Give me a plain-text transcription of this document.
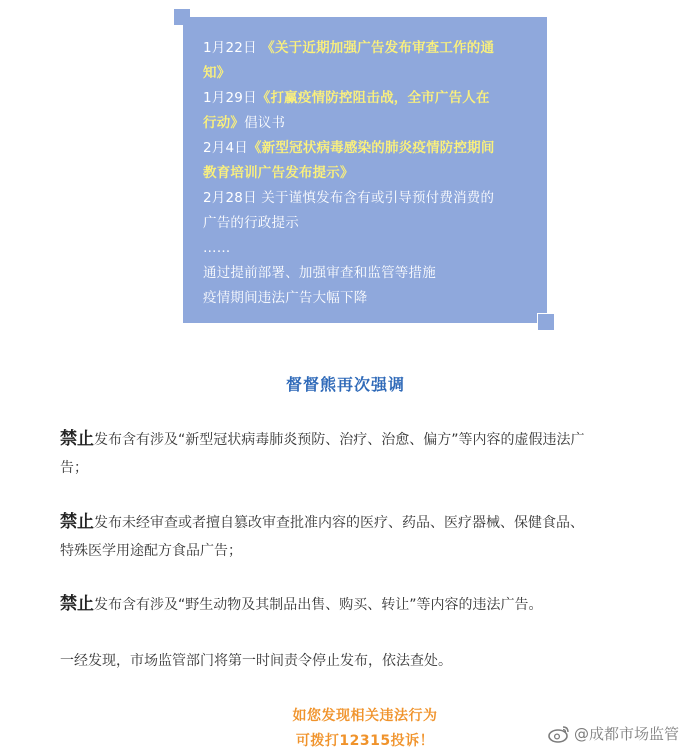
1月22日 《关于近期加强广告发布审查工作的通
知》
1月29日《打赢疫情防控阻击战，全市广告人在
行动》倡议书
2月4日《新型冠状病毒感染的肺炎疫情防控期间
教育培训广告发布提示》
2月28日 关于谨慎发布含有或引导预付费消费的
广告的行政提示
……
通过提前部署、加强审查和监管等措施
疫情期间违法广告大幅下降
督督熊再次强调
禁止发布含有涉及“新型冠状病毒肺炎预防、治疗、治愈、偏方”等内容的虚假违法广
告；
禁止发布未经审查或者擅自篡改审查批准内容的医疗、药品、医疗器械、保健食品、
特殊医学用途配方食品广告；
禁止发布含有涉及“野生动物及其制品出售、购买、转让”等内容的违法广告。
一经发现，市场监管部门将第一时间责令停止发布，依法查处。
如您发现相关违法行为
可拨打12315投诉！	@成都市场监管
